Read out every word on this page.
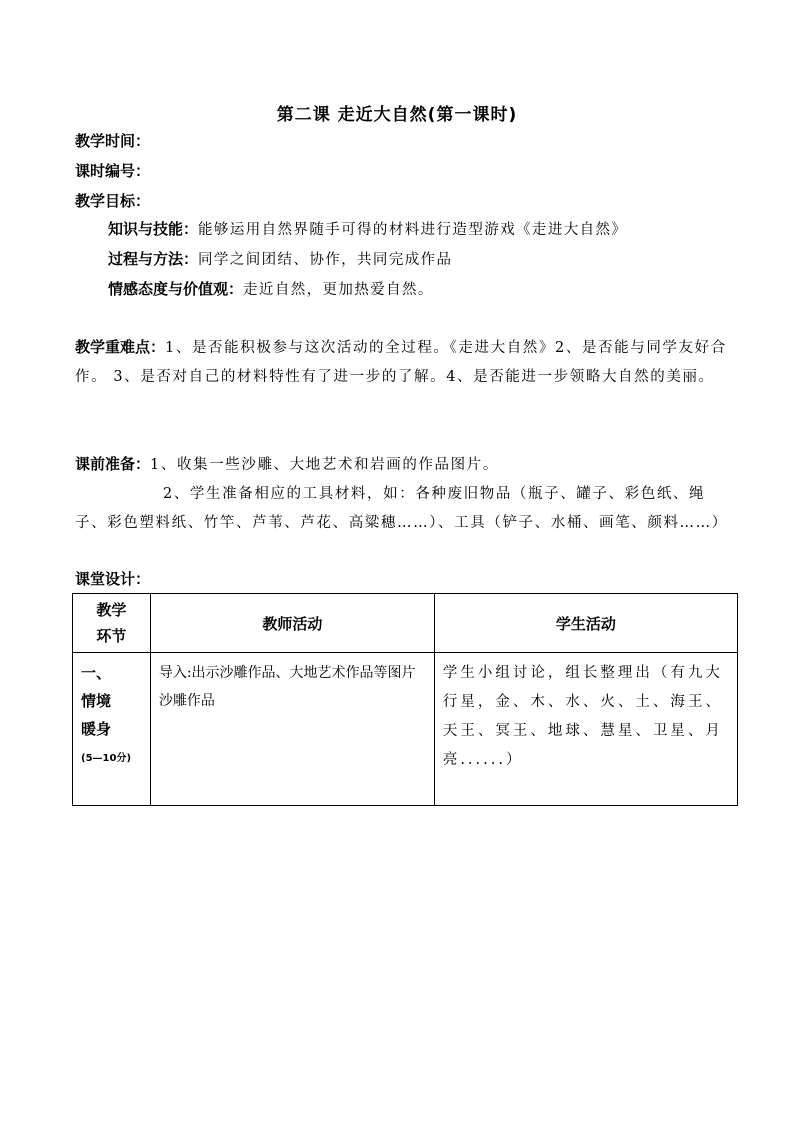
第二课 走近大自然(第一课时)
教学时间：
课时编号：
教学目标：
知识与技能：能够运用自然界随手可得的材料进行造型游戏《走进大自然》
过程与方法：同学之间团结、协作，共同完成作品
情感态度与价值观：走近自然，更加热爱自然。
教学重难点：1、是否能积极参与这次活动的全过程。《走进大自然》2、是否能与同学友好合作。 3、是否对自己的材料特性有了进一步的了解。4、是否能进一步领略大自然的美丽。
课前准备：1、收集一些沙雕、大地艺术和岩画的作品图片。
2、学生准备相应的工具材料，如：各种废旧物品（瓶子、罐子、彩色纸、绳子、彩色塑料纸、竹竿、芦苇、芦花、高粱穗……）、工具（铲子、水桶、画笔、颜料……）
课堂设计：
教学
环节	教师活动	学生活动

一、
情境
暖身
(5—10分)	导入:出示沙雕作品、大地艺术作品等图片沙雕作品	学生小组讨论，组长整理出（有九大行星，金、木、水、火、土、海王、天王、冥王、地球、慧星、卫星、月亮......）
